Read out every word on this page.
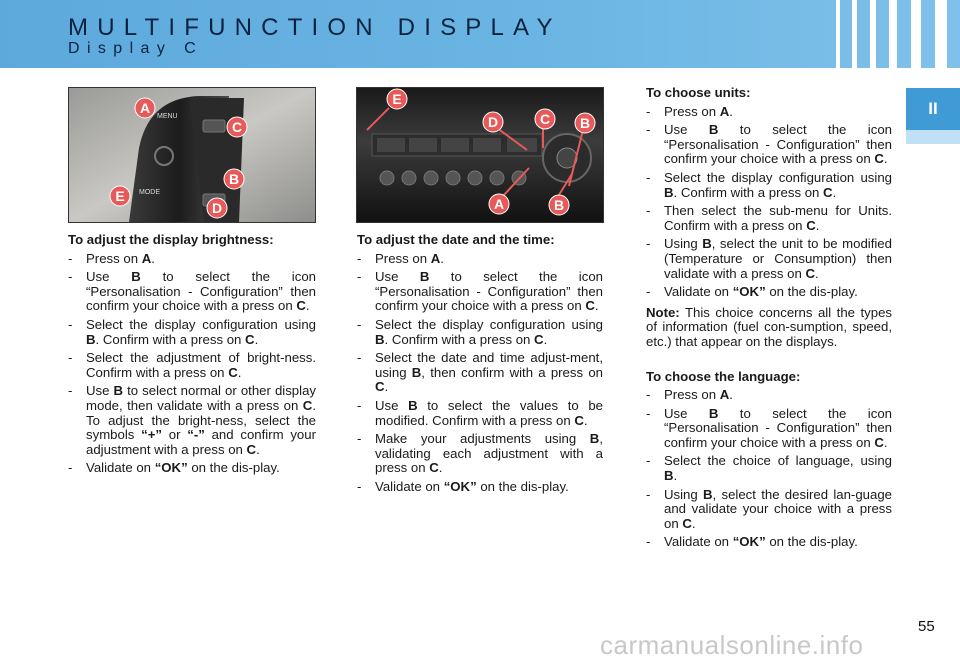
MULTIFUNCTION DISPLAY
Display C
II
MENU
MODE
A
C
B
E
D
E
D	C B
A	B
To adjust the display brightness:
- Press on A.
- Use B to select the icon “Personalisation - Configuration” then confirm your choice with a press on C.
- Select the display configuration using B. Confirm with a press on C.
- Select the adjustment of bright-ness. Confirm with a press on C.
- Use B to select normal or other display mode, then validate with a press on C. To adjust the bright-ness, select the symbols “+” or “-” and confirm your adjustment with a press on C.
- Validate on “OK” on the dis-play.
To adjust the date and the time:
- Press on A.
- Use B to select the icon “Personalisation - Configuration” then confirm your choice with a press on C.
- Select the display configuration using B. Confirm with a press on C.
- Select the date and time adjust-ment, using B, then confirm with a press on C.
- Use B to select the values to be modified. Confirm with a press on C.
- Make your adjustments using B, validating each adjustment with a press on C.
- Validate on “OK” on the dis-play.
To choose units:
- Press on A.
- Use B to select the icon “Personalisation - Configuration” then confirm your choice with a press on C.
- Select the display configuration using B. Confirm with a press on C.
- Then select the sub-menu for Units. Confirm with a press on C.
- Using B, select the unit to be modified (Temperature or Consumption) then validate with a press on C.
- Validate on “OK” on the dis-play.
Note: This choice concerns all the types of information (fuel con-sumption, speed, etc.) that appear on the displays.
To choose the language:
- Press on A.
- Use B to select the icon “Personalisation - Configuration” then confirm your choice with a press on C.
- Select the choice of language, using B.
- Using B, select the desired lan-guage and validate your choice with a press on C.
- Validate on “OK” on the dis-play.
carmanualsonline.info
55
